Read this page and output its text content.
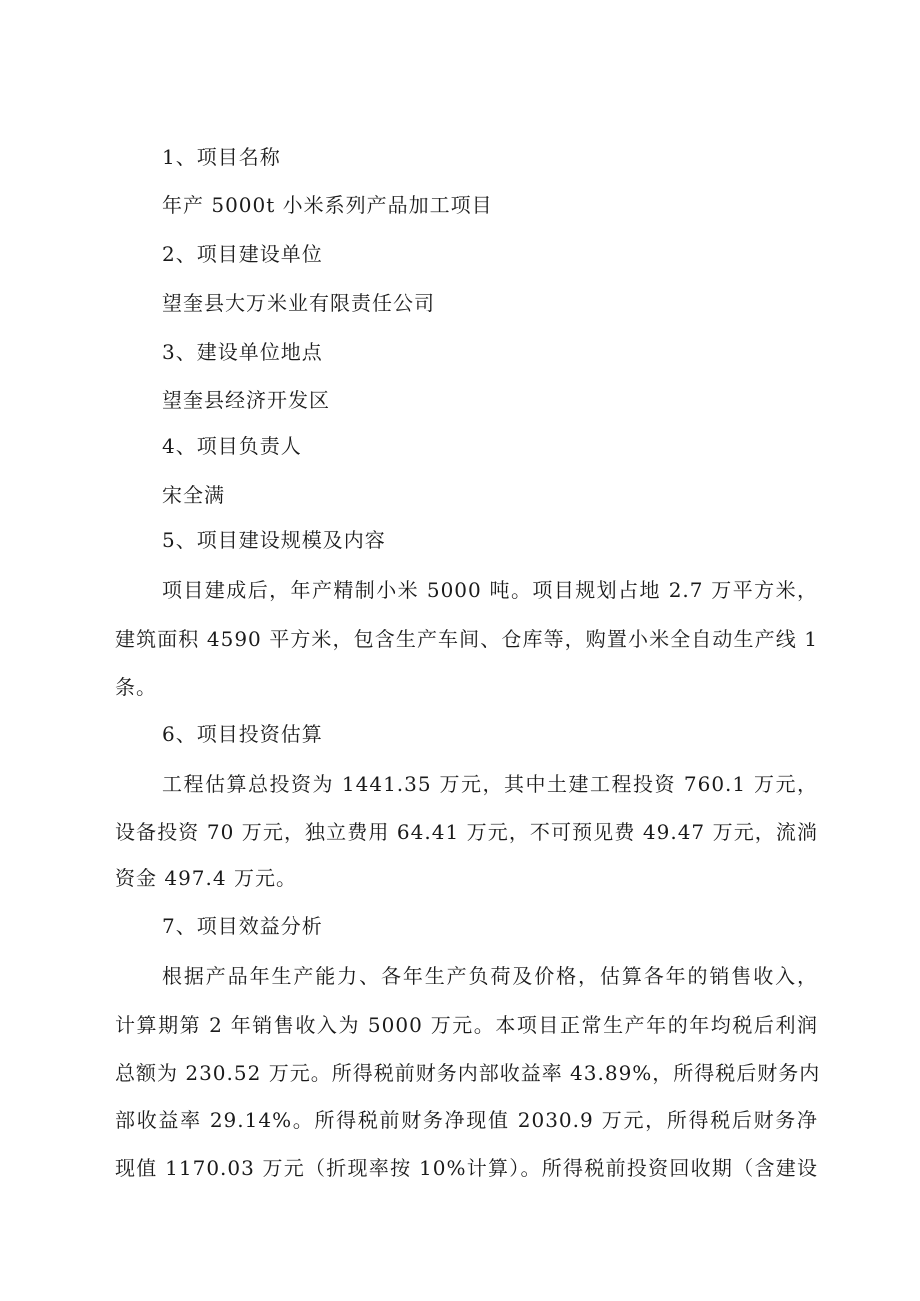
1、项目名称
年产 5000t 小米系列产品加工项目
2、项目建设单位
望奎县大万米业有限责任公司
3、建设单位地点
望奎县经济开发区
4、项目负责人
宋全满
5、项目建设规模及内容
项目建成后，年产精制小米 5000 吨。项目规划占地 2.7 万平方米，
建筑面积 4590 平方米，包含生产车间、仓库等，购置小米全自动生产线 1
条。
6、项目投资估算
工程估算总投资为 1441.35 万元，其中土建工程投资 760.1 万元，
设备投资 70 万元，独立费用 64.41 万元，不可预见费 49.47 万元，流淌
资金 497.4 万元。
7、项目效益分析
根据产品年生产能力、各年生产负荷及价格，估算各年的销售收入，
计算期第 2 年销售收入为 5000 万元。本项目正常生产年的年均税后利润
总额为 230.52 万元。所得税前财务内部收益率 43.89%，所得税后财务内
部收益率 29.14%。所得税前财务净现值 2030.9 万元，所得税后财务净
现值 1170.03 万元（折现率按 10%计算）。所得税前投资回收期（含建设
